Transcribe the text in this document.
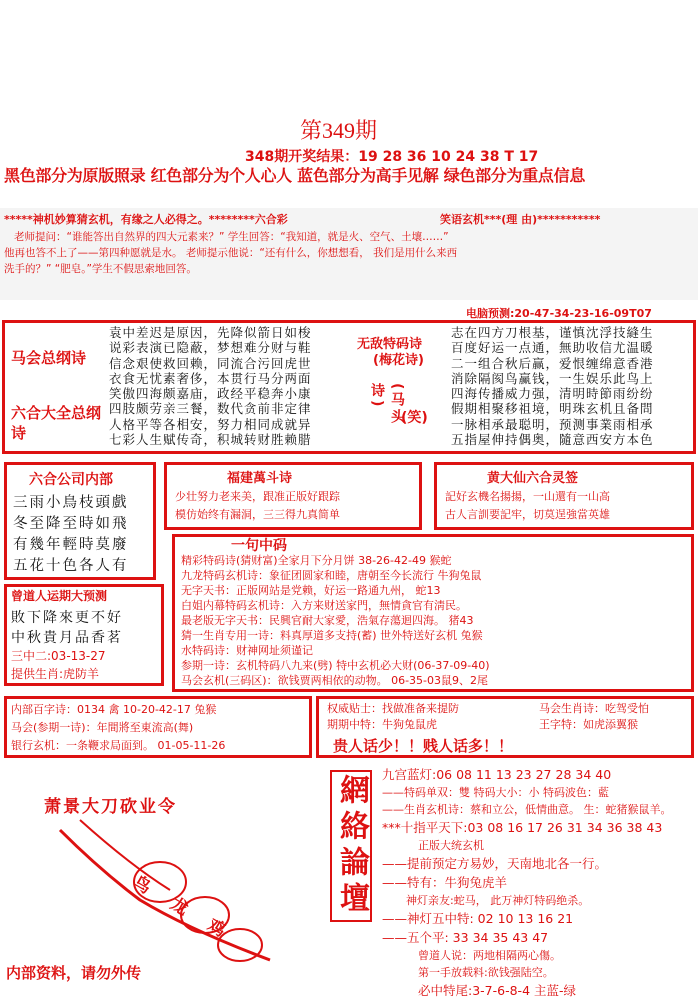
第349期
348期开奖结果：19 28 36 10 24 38 T 17
黑色部分为原版照录 红色部分为个人心人 蓝色部分为高手见解 绿色部分为重点信息
*****神机妙算猜玄机，有缘之人必得之。********六合彩	笑语玄机***(理 由)***********
老师提问：“谁能答出自然界的四大元素来？” 学生回答：“我知道，就是火、空气、土壤……”
他再也答不上了——第四种愿就是水。 老师提示他说：“还有什么，你想想看， 我们是用什么来西
洗手的？” “肥皂。”学生不假思索地回答。
电脑预测:20-47-34-23-16-09T07
马会总纲诗
六合大全总纲诗
袁中差迟是原因，先降似箭日如梭
说彩表演已隐蔽，梦想难分财与鞋
信念艰使救回赖，同流合污回虎世
衣食无忧素奢侈，本贯行马分两面
笑傲四海颇嘉庙，政经平稳奔小康
四肢颇劳亲三餐，数代贪前非定律
人格平等各相安，努力相同成就异
七彩人生赋传奇，积城转财胜赖腊
无敌特码诗
(梅花诗)
(马头诗)
(笑)
志在四方刀根基，谨慎沈浮技縫生
百度好运一点通，無助收信尤温暖
二一组合秋后赢，爱恨缠绵意香港
消除隔阂鸟赢钱，一生娱乐此鸟上
四海传播威力强，清明時節雨纷纷
假期相聚移祖境，明珠玄机且备問
一脉相承最聪明，预测事業雨相承
五指屋伸持偶奥，隨意西安方本色
六合公司内部
三雨小鳥枝頭戲
冬至降至時如飛
有幾年輕時莫廢
五花十色各人有
福建萬斗诗
少壮努力老来美，跟准正版好跟踪
模仿始终有漏洞，三三得九真简单
黄大仙六合灵签
記好玄機名揚揚，一山還有一山高
古人言訓要記牢，切莫逞強當英雄
一句中码
精彩特码诗(猜财富)全家月下分月饼 38-26-42-49 猴蛇
九龙特码玄机诗：象征团圆家和睦，唐朝至今长流行 牛狗兔鼠
无字天书：正版网站是党赖，好运一路通九州， 蛇13
白姐内幕特码玄机诗：入方来财送家門，無情貪官有淸民。
最老版无字天书：民興官耐大家愛，浩氣存蕩迴四海。 猪43
猜一生肖专用一诗：料真厚道多支持(蓄) 世外特送好玄机 兔猴
水特码诗：财神网址须谨记
参期一诗：玄机特码八九来(劈) 特中玄机必大财(06-37-09-40)
马会玄机(三码区)：欲钱贾两相依的动物。 06-35-03鼠9、2尾
曾道人运期大预测
敗下降來更不好
中秋貴月品香茗
三中二:03-13-27
提供生肖:虎防羊
内部百字诗：0134 禽 10-20-42-17 兔猴
马会(参期一诗)：年間將至東流高(舞)
银行玄机：一条鞭求局面到。 01-05-11-26
权威贴士：找做准备来提防	马会生肖诗：吃驾受怕
期期中特：牛狗兔鼠虎	王字特：如虎添翼猴
贵人话少！！贱人话多！！
萧景大刀砍业令
鸟龙鸡
内部资料，请勿外传
網絡論壇 九宫蓝灯:06 08 11 13 23 27 28 34 40
——特码单双：雙 特码大小：小 特码波色：藍
——生肖玄机诗：蔡和立公，低情曲意。 生：蛇猪猴鼠羊。
***十指平天下:03 08 16 17 26 31 34 36 38 43
正版大统玄机
——提前预定方易妙，天南地北各一行。
——特有：牛狗兔虎羊
神灯亲友:蛇马， 此万神灯特码绝杀。
——神灯五中特: 02 10 13 16 21
——五个平: 33 34 35 43 47
曾道人说：两地相隔两心傷。
第一手放载料:欲钱强陆空。
必中特尾:3-7-6-8-4 主蓝-绿
